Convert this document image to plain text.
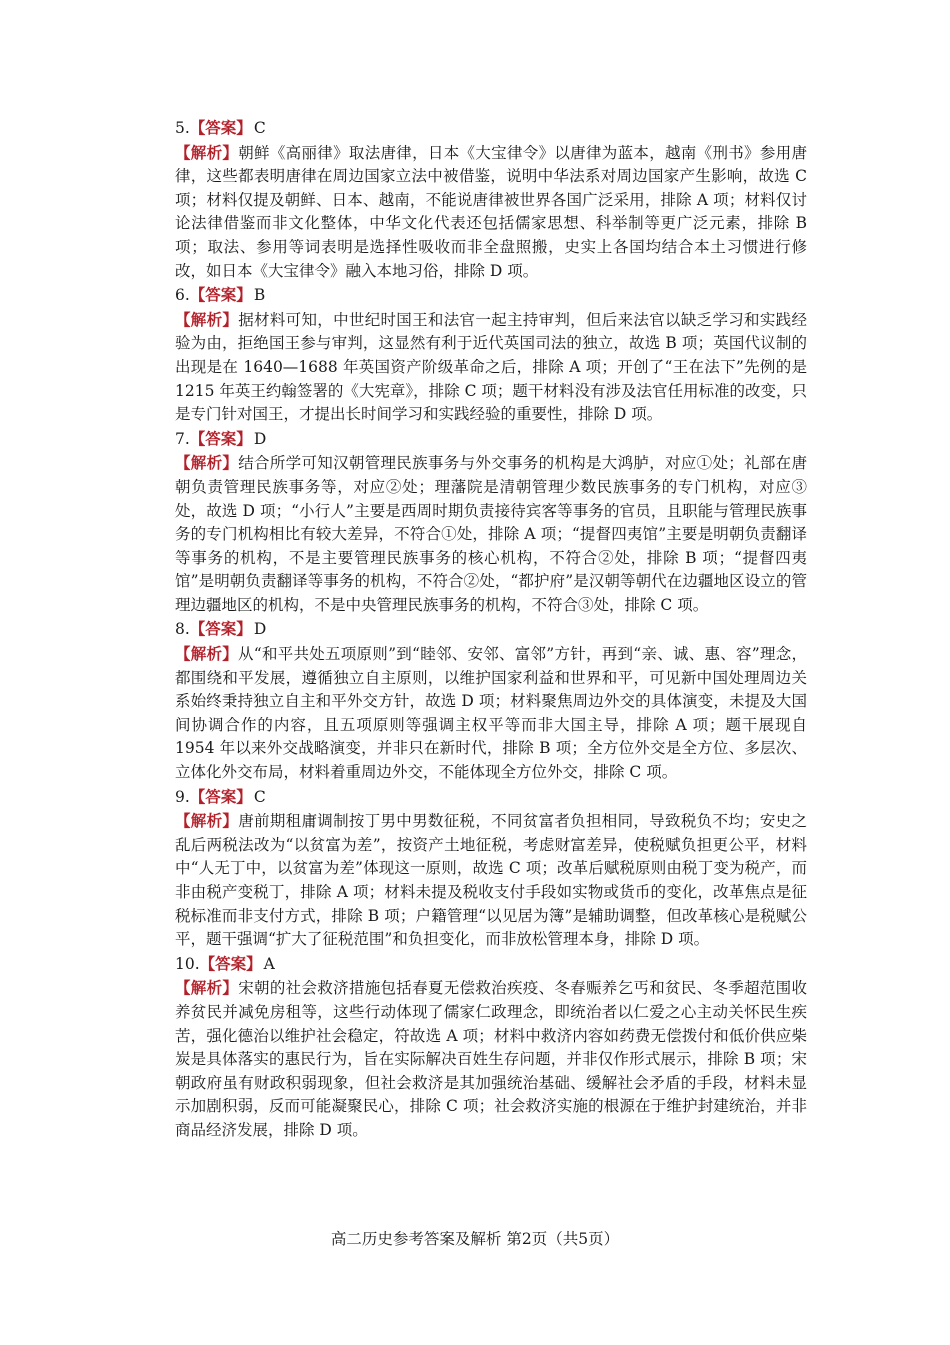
5.【答案】 C

【解析】朝鲜《高丽律》取法唐律，日本《大宝律令》以唐律为蓝本，越南《刑书》参用唐律，这些都表明唐律在周边国家立法中被借鉴，说明中华法系对周边国家产生影响，故选 C 项；材料仅提及朝鲜、日本、越南，不能说唐律被世界各国广泛采用，排除 A 项；材料仅讨论法律借鉴而非文化整体，中华文化代表还包括儒家思想、科举制等更广泛元素，排除 B 项；取法、参用等词表明是选择性吸收而非全盘照搬，史实上各国均结合本土习惯进行修改，如日本《大宝律令》融入本地习俗，排除 D 项。

6.【答案】 B

【解析】据材料可知，中世纪时国王和法官一起主持审判，但后来法官以缺乏学习和实践经验为由，拒绝国王参与审判，这显然有利于近代英国司法的独立，故选 B 项；英国代议制的出现是在 1640—1688 年英国资产阶级革命之后，排除 A 项；开创了“王在法下”先例的是 1215 年英王约翰签署的《大宪章》，排除 C 项；题干材料没有涉及法官任用标准的改变，只是专门针对国王，才提出长时间学习和实践经验的重要性，排除 D 项。

7.【答案】 D

【解析】结合所学可知汉朝管理民族事务与外交事务的机构是大鸿胪，对应①处；礼部在唐朝负责管理民族事务等，对应②处；理藩院是清朝管理少数民族事务的专门机构，对应③处，故选 D 项；“小行人”主要是西周时期负责接待宾客等事务的官员，且职能与管理民族事务的专门机构相比有较大差异，不符合①处，排除 A 项；“提督四夷馆”主要是明朝负责翻译等事务的机构，不是主要管理民族事务的核心机构，不符合②处，排除 B 项；“提督四夷馆”是明朝负责翻译等事务的机构，不符合②处，“都护府”是汉朝等朝代在边疆地区设立的管理边疆地区的机构，不是中央管理民族事务的机构，不符合③处，排除 C 项。

8.【答案】 D

【解析】从“和平共处五项原则”到“睦邻、安邻、富邻”方针，再到“亲、诚、惠、容”理念，都围绕和平发展，遵循独立自主原则，以维护国家利益和世界和平，可见新中国处理周边关系始终秉持独立自主和平外交方针，故选 D 项；材料聚焦周边外交的具体演变，未提及大国间协调合作的内容，且五项原则等强调主权平等而非大国主导，排除 A 项；题干展现自 1954 年以来外交战略演变，并非只在新时代，排除 B 项；全方位外交是全方位、多层次、立体化外交布局，材料着重周边外交，不能体现全方位外交，排除 C 项。

9.【答案】 C

【解析】唐前期租庸调制按丁男中男数征税，不同贫富者负担相同，导致税负不均；安史之乱后两税法改为“以贫富为差”，按资产土地征税，考虑财富差异，使税赋负担更公平，材料中“人无丁中，以贫富为差”体现这一原则，故选 C 项；改革后赋税原则由税丁变为税产，而非由税产变税丁，排除 A 项；材料未提及税收支付手段如实物或货币的变化，改革焦点是征税标准而非支付方式，排除 B 项；户籍管理“以见居为簿”是辅助调整，但改革核心是税赋公平，题干强调“扩大了征税范围”和负担变化，而非放松管理本身，排除 D 项。

10.【答案】 A

【解析】宋朝的社会救济措施包括春夏无偿救治疾疫、冬春赈养乞丐和贫民、冬季超范围收养贫民并减免房租等，这些行动体现了儒家仁政理念，即统治者以仁爱之心主动关怀民生疾苦，强化德治以维护社会稳定，符故选 A 项；材料中救济内容如药费无偿拨付和低价供应柴炭是具体落实的惠民行为，旨在实际解决百姓生存问题，并非仅作形式展示，排除 B 项；宋朝政府虽有财政积弱现象，但社会救济是其加强统治基础、缓解社会矛盾的手段，材料未显示加剧积弱，反而可能凝聚民心，排除 C 项；社会救济实施的根源在于维护封建统治，并非商品经济发展，排除 D 项。

高二历史参考答案及解析 第2页（共5页）
